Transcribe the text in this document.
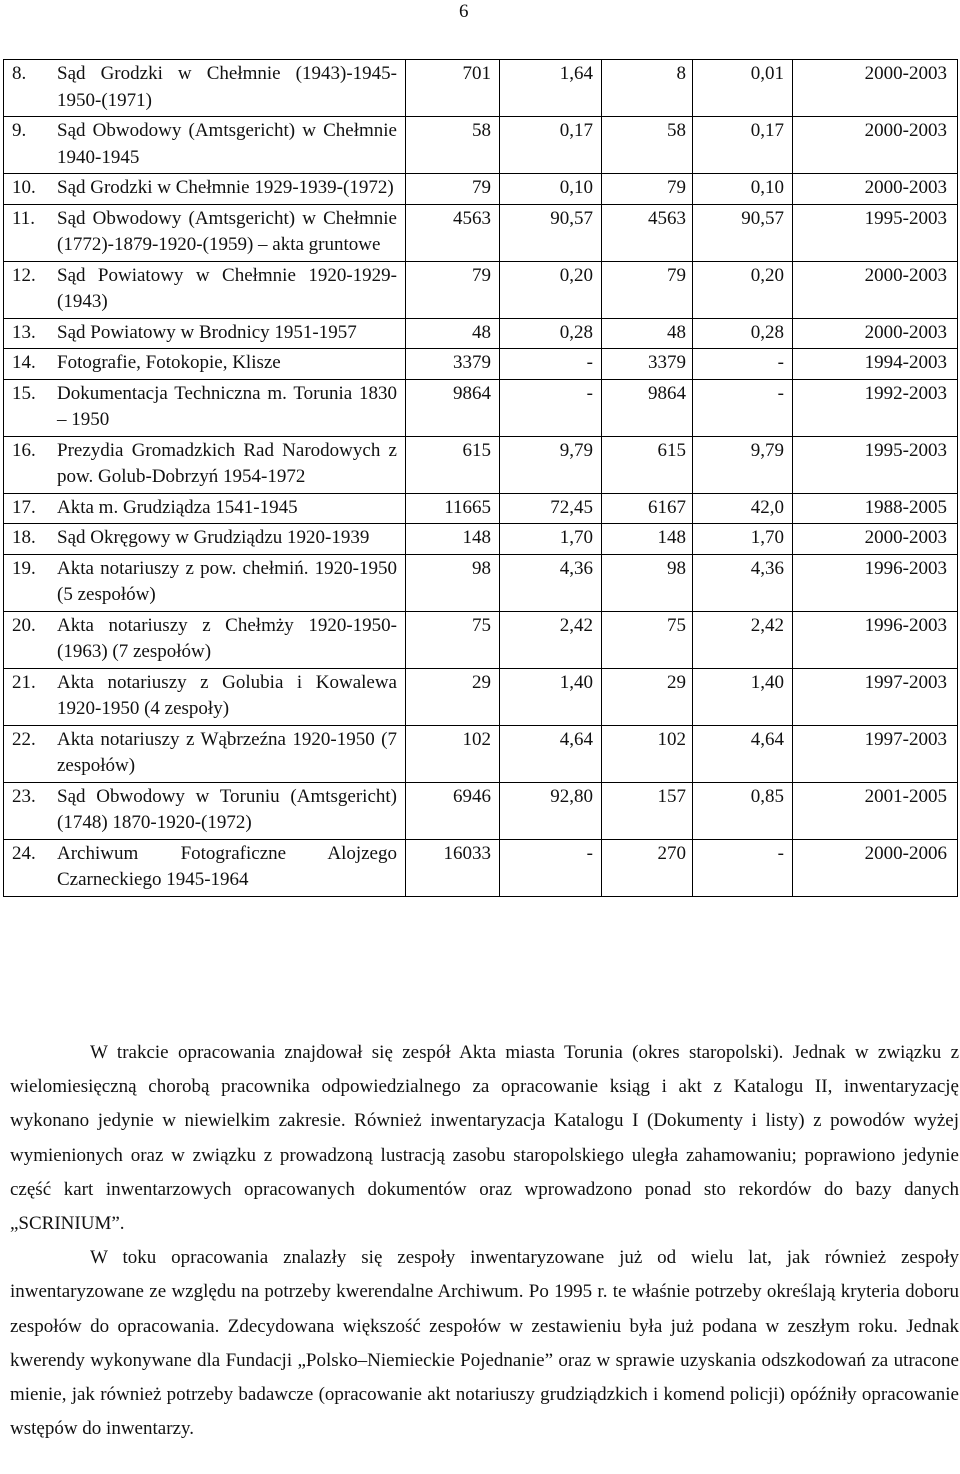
6
8. Sąd Grodzki w Chełmnie (1943)-1945-1950-(1971)	701	1,64	8	0,01	2000-2003

9. Sąd Obwodowy (Amtsgericht) w Chełmnie 1940-1945	58	0,17	58	0,17	2000-2003

10. Sąd Grodzki w Chełmnie 1929-1939-(1972)	79	0,10	79	0,10	2000-2003

11. Sąd Obwodowy (Amtsgericht) w Chełmnie (1772)-1879-1920-(1959) – akta gruntowe	4563	90,57	4563	90,57	1995-2003

12. Sąd Powiatowy w Chełmnie 1920-1929-(1943)	79	0,20	79	0,20	2000-2003

13. Sąd Powiatowy w Brodnicy 1951-1957	48	0,28	48	0,28	2000-2003

14. Fotografie, Fotokopie, Klisze	3379	-	3379	-	1994-2003

15. Dokumentacja Techniczna m. Torunia 1830 – 1950	9864	-	9864	-	1992-2003

16. Prezydia Gromadzkich Rad Narodowych z pow. Golub-Dobrzyń 1954-1972	615	9,79	615	9,79	1995-2003

17. Akta m. Grudziądza 1541-1945	11665	72,45	6167	42,0	1988-2005

18. Sąd Okręgowy w Grudziądzu 1920-1939	148	1,70	148	1,70	2000-2003

19. Akta notariuszy z pow. chełmiń. 1920-1950 (5 zespołów)	98	4,36	98	4,36	1996-2003

20. Akta notariuszy z Chełmży 1920-1950-(1963) (7 zespołów)	75	2,42	75	2,42	1996-2003

21. Akta notariuszy z Golubia i Kowalewa 1920-1950 (4 zespoły)	29	1,40	29	1,40	1997-2003

22. Akta notariuszy z Wąbrzeźna 1920-1950 (7 zespołów)	102	4,64	102	4,64	1997-2003

23. Sąd Obwodowy w Toruniu (Amtsgericht) (1748) 1870-1920-(1972)	6946	92,80	157	0,85	2001-2005

24. Archiwum Fotograficzne Alojzego Czarneckiego 1945-1964	16033	-	270	-	2000-2006

W trakcie opracowania znajdował się zespół Akta miasta Torunia (okres staropolski). Jednak w związku z wielomiesięczną chorobą pracownika odpowiedzialnego za opracowanie ksiąg i akt z Katalogu II, inwentaryzację wykonano jedynie w niewielkim zakresie. Również inwentaryzacja Katalogu I (Dokumenty i listy) z powodów wyżej wymienionych oraz w związku z prowadzoną lustracją zasobu staropolskiego uległa zahamowaniu; poprawiono jedynie część kart inwentarzowych opracowanych dokumentów oraz wprowadzono ponad sto rekordów do bazy danych „SCRINIUM”.

W toku opracowania znalazły się zespoły inwentaryzowane już od wielu lat, jak również zespoły inwentaryzowane ze względu na potrzeby kwerendalne Archiwum. Po 1995 r. te właśnie potrzeby określają kryteria doboru zespołów do opracowania. Zdecydowana większość zespołów w zestawieniu była już podana w zeszłym roku. Jednak kwerendy wykonywane dla Fundacji „Polsko–Niemieckie Pojednanie” oraz w sprawie uzyskania odszkodowań za utracone mienie, jak również potrzeby badawcze (opracowanie akt notariuszy grudziądzkich i komend policji) opóźniły opracowanie wstępów do inwentarzy.
